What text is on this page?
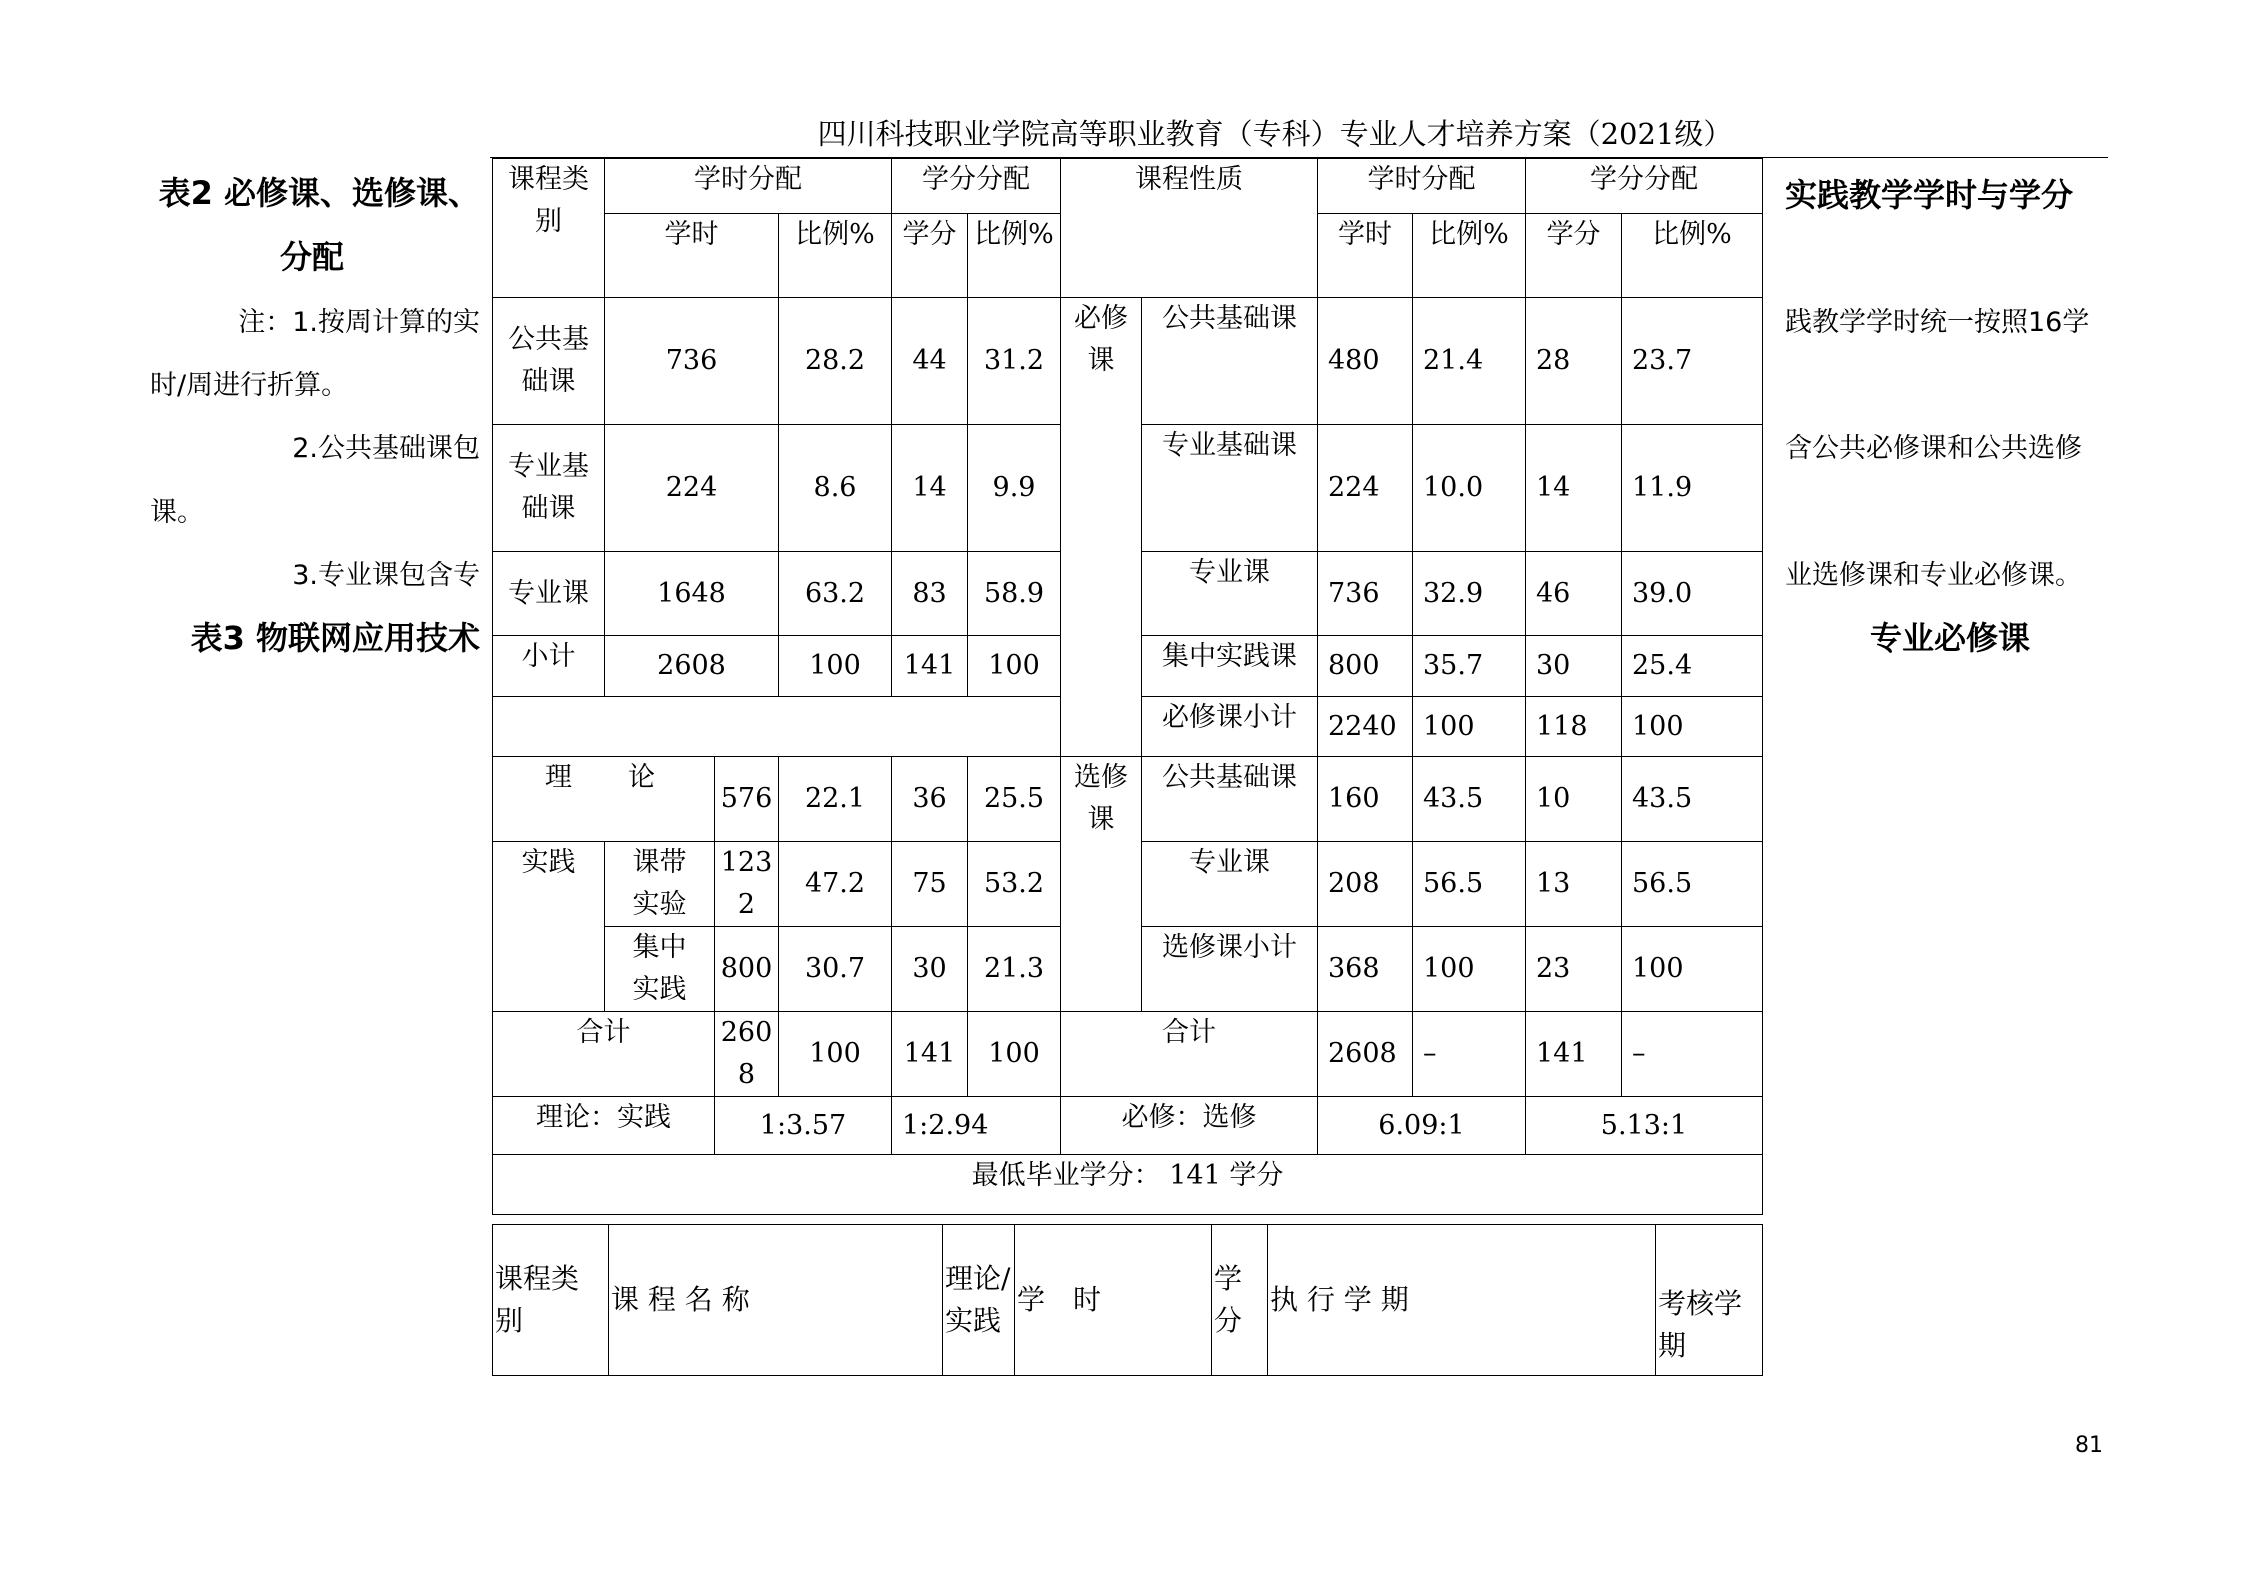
四川科技职业学院高等职业教育（专科）专业人才培养方案（2021级）
表2 必修课、选修课、
分配
注：1.按周计算的实
时/周进行折算。
2.公共基础课包
课。
3.专业课包含专
表3 物联网应用技术
实践教学学时与学分
践教学学时统一按照16学
含公共必修课和公共选修
业选修课和专业必修课。
专业必修课
课程类别	学时分配			学分分配		课程性质		学时分配		学分分配	
	学时		比例%	学分	比例%			学时	比例%	学分	比例%
公共基础课	736		28.2	44	31.2	必修课	公共基础课	480	21.4	28	23.7
专业基础课	224		8.6	14	9.9		专业基础课	224	10.0	14	11.9
专业课	1648		63.2	83	58.9		专业课	736	32.9	46	39.0
小计	2608		100	141	100		集中实践课	800	35.7	30	25.4
							必修课小计	2240	100	118	100
理 论		576	22.1	36	25.5	选修课	公共基础课	160	43.5	10	43.5
实践	课带实验	1232	47.2	75	53.2		专业课	208	56.5	13	56.5
	集中实践	800	30.7	30	21.3		选修课小计	368	100	23	100
合计		2608	100	141	100	合计		2608	–	141	–
理论：实践		1:3.57		1:2.94		必修：选修		6.09:1		5.13:1	
最低毕业学分： 141 学分											
课程类别	课 程 名 称	理论/实践	学　时	学分	执 行 学 期	考核学期
81
